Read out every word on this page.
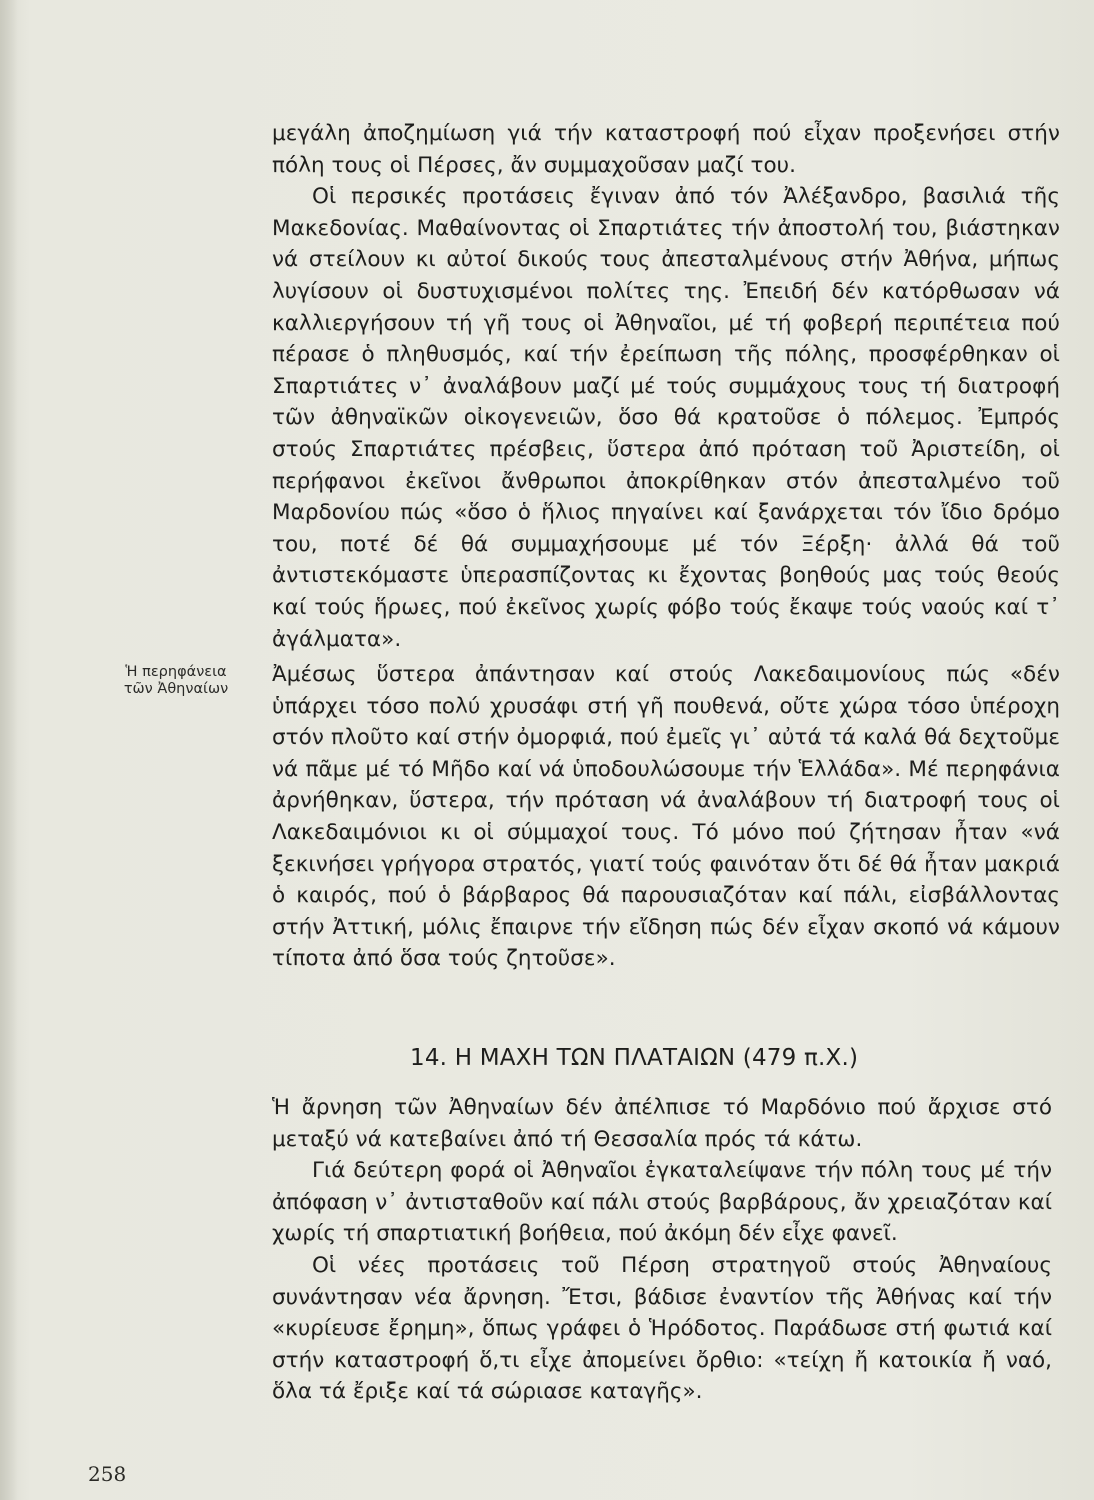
μεγάλη ἀποζημίωση γιά τήν καταστροφή πού εἶχαν προξενήσει στήν πόλη τους οἱ Πέρσες, ἄν συμμαχοῦσαν μαζί του.

Οἱ περσικές προτάσεις ἔγιναν ἀπό τόν Ἀλέξανδρο, βασιλιά τῆς Μακεδονίας. Μαθαίνοντας οἱ Σπαρτιάτες τήν ἀποστολή του, βιάστηκαν νά στείλουν κι αὐτοί δικούς τους ἀπεσταλμένους στήν Ἀθήνα, μήπως λυγίσουν οἱ δυστυχισμένοι πολίτες της. Ἐπειδή δέν κατόρθωσαν νά καλλιεργήσουν τή γῆ τους οἱ Ἀθηναῖοι, μέ τή φοβερή περιπέτεια πού πέρασε ὁ πληθυσμός, καί τήν ἐρείπωση τῆς πόλης, προσφέρθηκαν οἱ Σπαρτιάτες ν᾿ ἀναλάβουν μαζί μέ τούς συμμάχους τους τή διατροφή τῶν ἀθηναϊκῶν οἰκογενειῶν, ὅσο θά κρατοῦσε ὁ πόλεμος. Ἐμπρός στούς Σπαρτιάτες πρέσβεις, ὕστερα ἀπό πρόταση τοῦ Ἀριστείδη, οἱ περήφανοι ἐκεῖνοι ἄνθρωποι ἀποκρίθηκαν στόν ἀπεσταλμένο τοῦ Μαρδονίου πώς «ὅσο ὁ ἥλιος πηγαίνει καί ξανάρχεται τόν ἴδιο δρόμο του, ποτέ δέ θά συμμαχήσουμε μέ τόν Ξέρξη· ἀλλά θά τοῦ ἀντιστεκόμαστε ὑπερασπίζοντας κι ἔχοντας βοηθούς μας τούς θεούς καί τούς ἥρωες, πού ἐκεῖνος χωρίς φόβο τούς ἔκαψε τούς ναούς καί τ᾿ ἀγάλματα».

Ἀμέσως ὕστερα ἀπάντησαν καί στούς Λακεδαιμονίους πώς «δέν ὑπάρχει τόσο πολύ χρυσάφι στή γῆ πουθενά, οὔτε χώρα τόσο ὑπέροχη στόν πλοῦτο καί στήν ὀμορφιά, πού ἐμεῖς γι᾿ αὐτά τά καλά θά δεχτοῦμε νά πᾶμε μέ τό Μῆδο καί νά ὑποδουλώσουμε τήν Ἑλλάδα». Μέ περηφάνια ἀρνήθηκαν, ὕστερα, τήν πρόταση νά ἀναλάβουν τή διατροφή τους οἱ Λακεδαιμόνιοι κι οἱ σύμμαχοί τους. Τό μόνο πού ζήτησαν ἦταν «νά ξεκινήσει γρήγορα στρατός, γιατί τούς φαινόταν ὅτι δέ θά ἦταν μακριά ὁ καιρός, πού ὁ βάρβαρος θά παρουσιαζόταν καί πάλι, εἰσβάλλοντας στήν Ἀττική, μόλις ἔπαιρνε τήν εἴδηση πώς δέν εἶχαν σκοπό νά κάμουν τίποτα ἀπό ὅσα τούς ζητοῦσε».

Ἡ περηφάνεια
τῶν Ἀθηναίων
14. Η ΜΑΧΗ ΤΩΝ ΠΛΑΤΑΙΩΝ (479 π.Χ.)

Ἡ ἄρνηση τῶν Ἀθηναίων δέν ἀπέλπισε τό Μαρδόνιο πού ἄρχισε στό μεταξύ νά κατεβαίνει ἀπό τή Θεσσαλία πρός τά κάτω.

Γιά δεύτερη φορά οἱ Ἀθηναῖοι ἐγκαταλείψανε τήν πόλη τους μέ τήν ἀπόφαση ν᾿ ἀντισταθοῦν καί πάλι στούς βαρβάρους, ἄν χρειαζόταν καί χωρίς τή σπαρτιατική βοήθεια, πού ἀκόμη δέν εἶχε φανεῖ.

Οἱ νέες προτάσεις τοῦ Πέρση στρατηγοῦ στούς Ἀθηναίους συνάντησαν νέα ἄρνηση. Ἔτσι, βάδισε ἐναντίον τῆς Ἀθήνας καί τήν «κυρίευσε ἔρημη», ὅπως γράφει ὁ Ἡρόδοτος. Παράδωσε στή φωτιά καί στήν καταστροφή ὅ,τι εἶχε ἀπομείνει ὄρθιο: «τείχη ἤ κατοικία ἤ ναό, ὅλα τά ἔριξε καί τά σώριασε καταγῆς».

258
